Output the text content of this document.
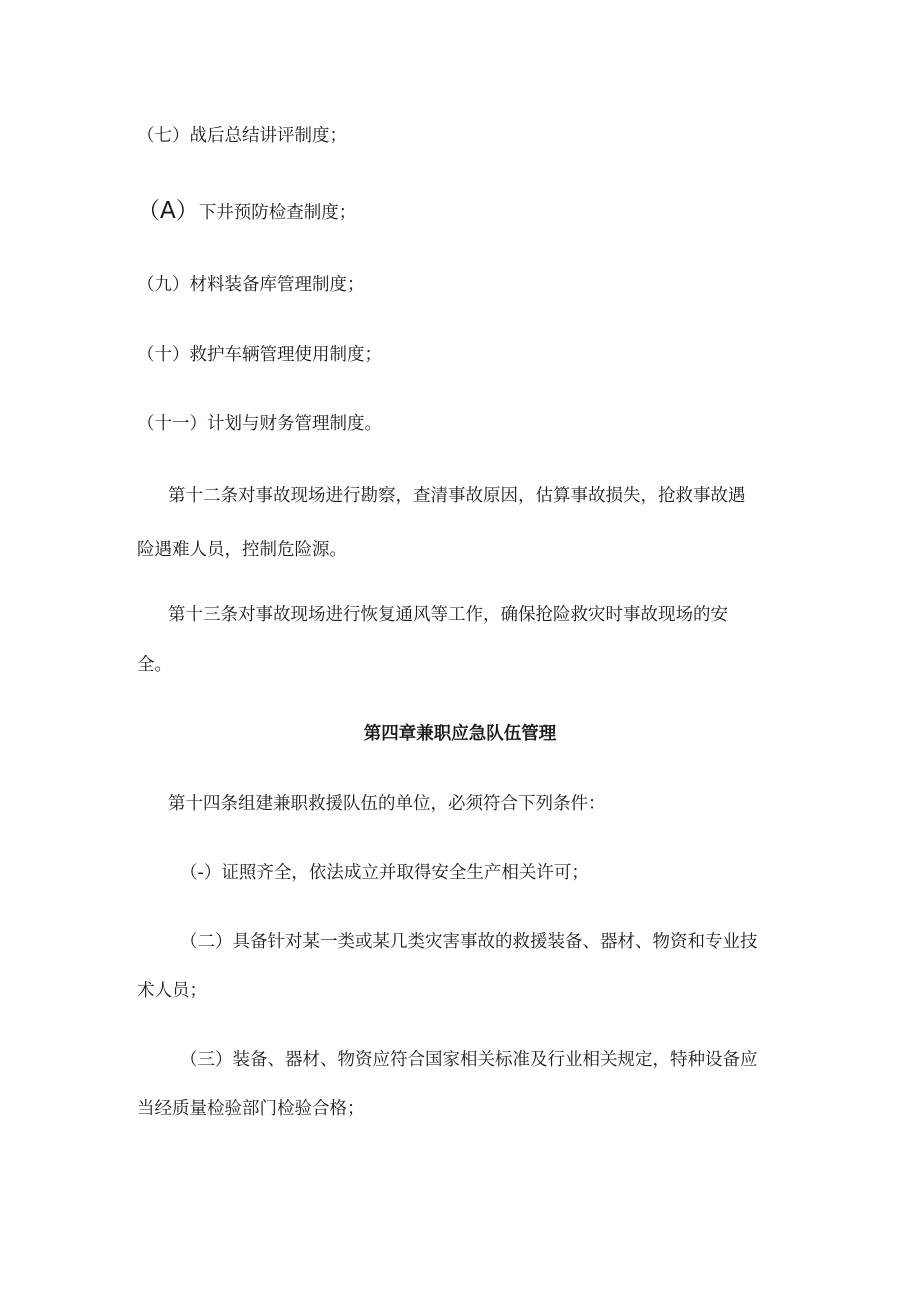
（七）战后总结讲评制度；
（A）下井预防检查制度；
（九）材料装备库管理制度；
（十）救护车辆管理使用制度；
（十一）计划与财务管理制度。
第十二条对事故现场进行勘察，查清事故原因，估算事故损失，抢救事故遇
险遇难人员，控制危险源。
第十三条对事故现场进行恢复通风等工作，确保抢险救灾时事故现场的安
全。
第四章兼职应急队伍管理
第十四条组建兼职救援队伍的单位，必须符合下列条件：
（-）证照齐全，依法成立并取得安全生产相关许可；
（二）具备针对某一类或某几类灾害事故的救援装备、器材、物资和专业技
术人员；
（三）装备、器材、物资应符合国家相关标准及行业相关规定，特种设备应
当经质量检验部门检验合格；
